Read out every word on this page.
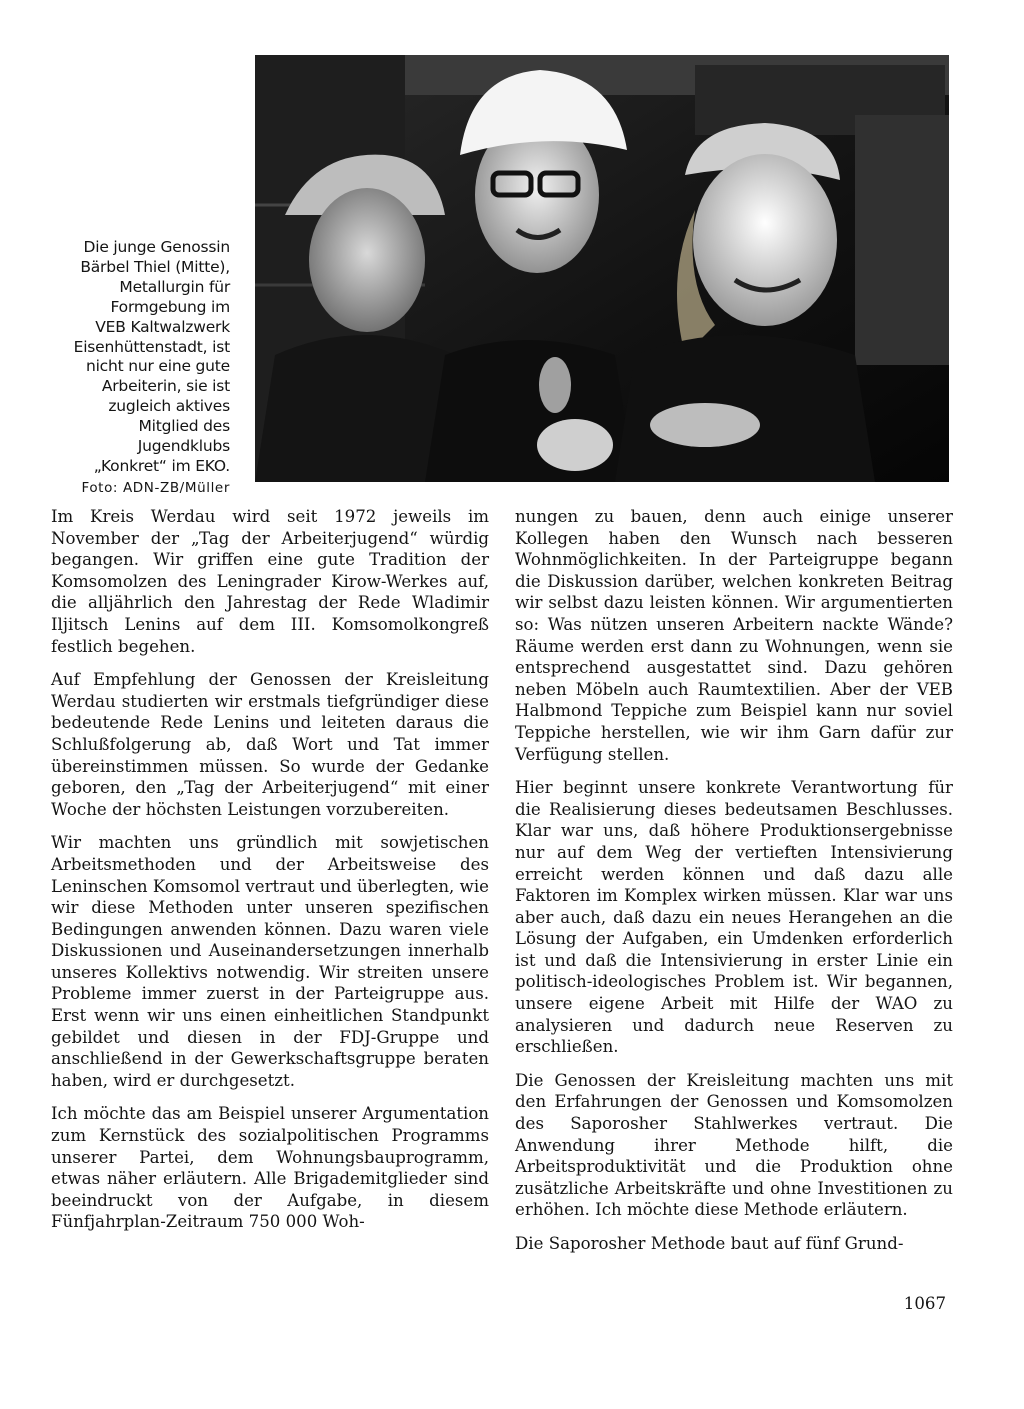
Die junge Genossin
Bärbel Thiel (Mitte),
Metallurgin für
Formgebung im
VEB Kaltwalzwerk
Eisenhüttenstadt, ist
nicht nur eine gute
Arbeiterin, sie ist
zugleich aktives
Mitglied des
Jugendklubs
„Konkret“ im EKO.
Foto: ADN-ZB/Müller

Im Kreis Werdau wird seit 1972 jeweils im November der „Tag der Arbeiterjugend“ würdig begangen. Wir griffen eine gute Tradition der Komsomolzen des Leningrader Kirow-Werkes auf, die alljährlich den Jahrestag der Rede Wladimir Iljitsch Lenins auf dem III. Komsomolkongreß festlich begehen.

Auf Empfehlung der Genossen der Kreisleitung Werdau studierten wir erstmals tiefgründiger diese bedeutende Rede Lenins und leiteten daraus die Schlußfolgerung ab, daß Wort und Tat immer übereinstimmen müssen. So wurde der Gedanke geboren, den „Tag der Arbeiterjugend“ mit einer Woche der höchsten Leistungen vorzubereiten.

Wir machten uns gründlich mit sowjetischen Arbeitsmethoden und der Arbeitsweise des Leninschen Komsomol vertraut und überlegten, wie wir diese Methoden unter unseren spezifischen Bedingungen anwenden können. Dazu waren viele Diskussionen und Auseinandersetzungen innerhalb unseres Kollektivs notwendig. Wir streiten unsere Probleme immer zuerst in der Parteigruppe aus. Erst wenn wir uns einen einheitlichen Standpunkt gebildet und diesen in der FDJ-Gruppe und anschließend in der Gewerkschaftsgruppe beraten haben, wird er durchgesetzt.

Ich möchte das am Beispiel unserer Argumentation zum Kernstück des sozialpolitischen Programms unserer Partei, dem Wohnungsbauprogramm, etwas näher erläutern. Alle Brigademitglieder sind beeindruckt von der Aufgabe, in diesem Fünfjahrplan-Zeitraum 750 000 Woh-

nungen zu bauen, denn auch einige unserer Kollegen haben den Wunsch nach besseren Wohnmöglichkeiten. In der Parteigruppe begann die Diskussion darüber, welchen konkreten Beitrag wir selbst dazu leisten können. Wir argumentierten so: Was nützen unseren Arbeitern nackte Wände? Räume werden erst dann zu Wohnungen, wenn sie entsprechend ausgestattet sind. Dazu gehören neben Möbeln auch Raumtextilien. Aber der VEB Halbmond Teppiche zum Beispiel kann nur soviel Teppiche herstellen, wie wir ihm Garn dafür zur Verfügung stellen.

Hier beginnt unsere konkrete Verantwortung für die Realisierung dieses bedeutsamen Beschlusses. Klar war uns, daß höhere Produktionsergebnisse nur auf dem Weg der vertieften Intensivierung erreicht werden können und daß dazu alle Faktoren im Komplex wirken müssen. Klar war uns aber auch, daß dazu ein neues Herangehen an die Lösung der Aufgaben, ein Umdenken erforderlich ist und daß die Intensivierung in erster Linie ein politisch-ideologisches Problem ist. Wir begannen, unsere eigene Arbeit mit Hilfe der WAO zu analysieren und dadurch neue Reserven zu erschließen.

Die Genossen der Kreisleitung machten uns mit den Erfahrungen der Genossen und Komsomolzen des Saporosher Stahlwerkes vertraut. Die Anwendung ihrer Methode hilft, die Arbeitsproduktivität und die Produktion ohne zusätzliche Arbeitskräfte und ohne Investitionen zu erhöhen. Ich möchte diese Methode erläutern.

Die Saporosher Methode baut auf fünf Grund-

1067
